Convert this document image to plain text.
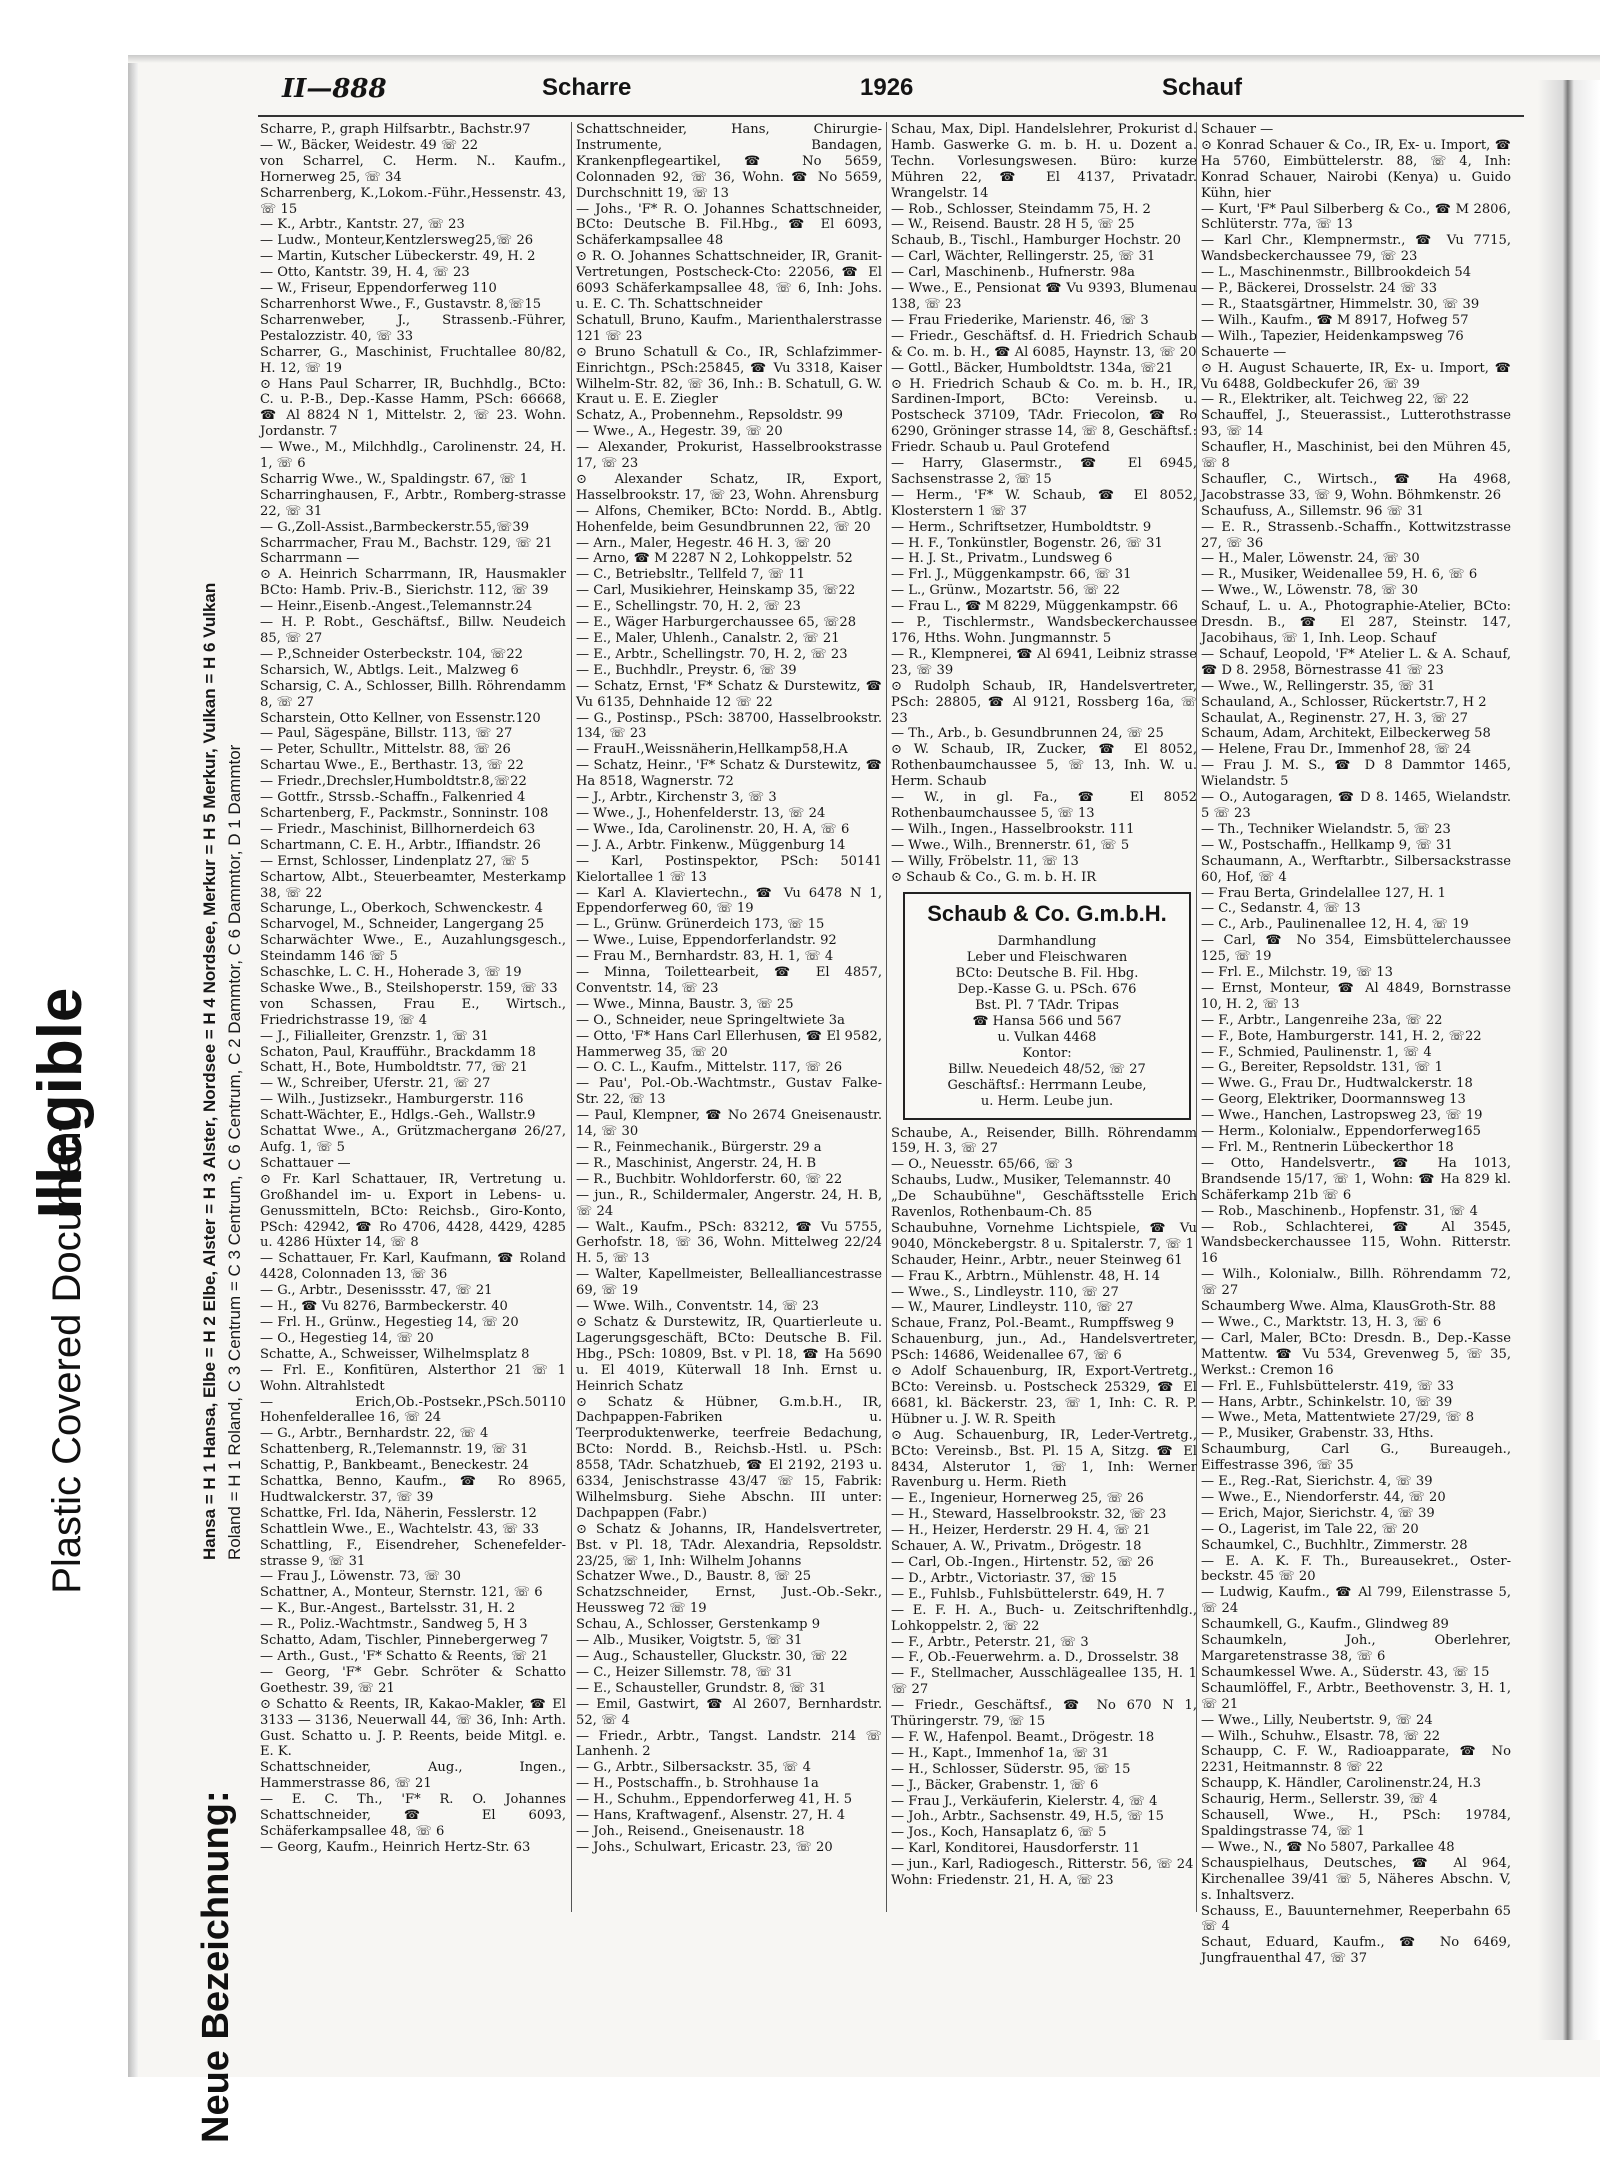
Illegible
Plastic Covered Document
Neue Bezeichnung:
Hansa = H 1 Hansa, Elbe = H 2 Elbe, Alster = H 3 Alster, Nordsee = H 4 Nordsee, Merkur = H 5 Merkur, Vulkan = H 6 Vulkan Roland = H 1 Roland, C 3 Centrum = C 3 Centrum, C 6 Centrum, C 2 Dammtor, C 6 Dammtor, D 1 Dammtor
II—888	Scharre	1926	Schauf

Scharre, P., graph Hilfsarbtr., Bachstr.97

— W., Bäcker, Weidestr. 49 ☏ 22

von Scharrel, C. Herm. N.. Kaufm., Hornerweg 25, ☏ 34

Scharrenberg, K.,Lokom.-Führ.,Hessenstr. 43, ☏ 15

— K., Arbtr., Kantstr. 27, ☏ 23

— Ludw., Monteur,Kentzlersweg25,☏ 26

— Martin, Kutscher Lübeckerstr. 49, H. 2

— Otto, Kantstr. 39, H. 4, ☏ 23

— W., Friseur, Eppendorferweg 110

Scharrenhorst Wwe., F., Gustavstr. 8,☏15

Scharrenweber, J., Strassenb.-Führer, Pestalozzistr. 40, ☏ 33

Scharrer, G., Maschinist, Fruchtallee 80/82, H. 12, ☏ 19

⊙ Hans Paul Scharrer, IR, Buchhdlg., BCto: C. u. P.-B., Dep.-Kasse Hamm, PSch: 66668, ☎ Al 8824 N 1, Mittelstr. 2, ☏ 23. Wohn. Jordanstr. 7

— Wwe., M., Milchhdlg., Carolinenstr. 24, H. 1, ☏ 6

Scharrig Wwe., W., Spaldingstr. 67, ☏ 1

Scharringhausen, F., Arbtr., Romberg-strasse 22, ☏ 31

— G.,Zoll-Assist.,Barmbeckerstr.55,☏39

Scharrmacher, Frau M., Bachstr. 129, ☏ 21

Scharrmann —

⊙ A. Heinrich Scharrmann, IR, Hausmakler BCto: Hamb. Priv.-B., Sierichstr. 112, ☏ 39

— Heinr.,Eisenb.-Angest.,Telemannstr.24

— H. P. Robt., Geschäftsf., Billw. Neudeich 85, ☏ 27

— P.,Schneider Osterbeckstr. 104, ☏22

Scharsich, W., Abtlgs. Leit., Malzweg 6

Scharsig, C. A., Schlosser, Billh. Röhrendamm 8, ☏ 27

Scharstein, Otto Kellner, von Essenstr.120

— Paul, Sägespäne, Billstr. 113, ☏ 27

— Peter, Schulltr., Mittelstr. 88, ☏ 26

Schartau Wwe., E., Berthastr. 13, ☏ 22

— Friedr.,Drechsler,Humboldtstr.8,☏22

— Gottfr., Strssb.-Schaffn., Falkenried 4

Schartenberg, F., Packmstr., Sonninstr. 108

— Friedr., Maschinist, Billhornerdeich 63

Schartmann, C. E. H., Arbtr., Iffiandstr. 26

— Ernst, Schlosser, Lindenplatz 27, ☏ 5

Schartow, Albt., Steuerbeamter, Mesterkamp 38, ☏ 22

Scharunge, L., Oberkoch, Schwenckestr. 4

Scharvogel, M., Schneider, Langergang 25

Scharwächter Wwe., E., Auzahlungsgesch., Steindamm 146 ☏ 5

Schaschke, L. C. H., Hoherade 3, ☏ 19

Schaske Wwe., B., Steilshoperstr. 159, ☏ 33

von Schassen, Frau E., Wirtsch., Friedrichstrasse 19, ☏ 4

— J., Filialleiter, Grenzstr. 1, ☏ 31

Schaton, Paul, Kraufführ., Brackdamm 18

Schatt, H., Bote, Humboldtstr. 77, ☏ 21

— W., Schreiber, Uferstr. 21, ☏ 27

— Wilh., Justizsekr., Hamburgerstr. 116

Schatt-Wächter, E., Hdlgs.-Geh., Wallstr.9

Schattat Wwe., A., Grützmacherganø 26/27, Aufg. 1, ☏ 5

Schattauer —

⊙ Fr. Karl Schattauer, IR, Vertretung u. Großhandel im- u. Export in Lebens- u. Genussmitteln, BCto: Reichsb., Giro-Konto, PSch: 42942, ☎ Ro 4706, 4428, 4429, 4285 u. 4286 Hüxter 14, ☏ 8

— Schattauer, Fr. Karl, Kaufmann, ☎ Roland 4428, Colonnaden 13, ☏ 36

— G., Arbtr., Desenissstr. 47, ☏ 21

— H., ☎ Vu 8276, Barmbeckerstr. 40

— Frl. H., Grünw., Hegestieg 14, ☏ 20

— O., Hegestieg 14, ☏ 20

Schatte, A., Schweisser, Wilhelmsplatz 8

— Frl. E., Konfitüren, Alsterthor 21 ☏ 1 Wohn. Altrahlstedt

— Erich,Ob.-Postsekr.,PSch.50110 Hohenfelderallee 16, ☏ 24

— G., Arbtr., Bernhardstr. 22, ☏ 4

Schattenberg, R.,Telemannstr. 19, ☏ 31

Schattig, P., Bankbeamt., Beneckestr. 24

Schattka, Benno, Kaufm., ☎ Ro 8965, Hudtwalckerstr. 37, ☏ 39

Schattke, Frl. Ida, Näherin, Fesslerstr. 12

Schattlein Wwe., E., Wachtelstr. 43, ☏ 33

Schattling, F., Eisendreher, Schenefelder-strasse 9, ☏ 31

— Frau J., Löwenstr. 73, ☏ 30

Schattner, A., Monteur, Sternstr. 121, ☏ 6

— K., Bur.-Angest., Bartelsstr. 31, H. 2

— R., Poliz.-Wachtmstr., Sandweg 5, H 3

Schatto, Adam, Tischler, Pinnebergerweg 7

— Arth., Gust., 'F* Schatto & Reents, ☏ 21

— Georg, 'F* Gebr. Schröter & Schatto Goethestr. 39, ☏ 21

⊙ Schatto & Reents, IR, Kakao-Makler, ☎ El 3133 — 3136, Neuerwall 44, ☏ 36, Inh: Arth. Gust. Schatto u. J. P. Reents, beide Mitgl. e. E. K.

Schattschneider, Aug., Ingen., Hammerstrasse 86, ☏ 21

— E. C. Th., 'F* R. O. Johannes Schattschneider, ☎ El 6093, Schäferkampsallee 48, ☏ 6

— Georg, Kaufm., Heinrich Hertz-Str. 63

Schattschneider, Hans, Chirurgie-Instrumente, Bandagen, Krankenpflegeartikel, ☎ No 5659, Colonnaden 92, ☏ 36, Wohn. ☎ No 5659, Durchschnitt 19, ☏ 13

— Johs., 'F* R. O. Johannes Schattschneider, BCto: Deutsche B. Fil.Hbg., ☎ El 6093, Schäferkampsallee 48

⊙ R. O. Johannes Schattschneider, IR, Granit-Vertretungen, Postscheck-Cto: 22056, ☎ El 6093 Schäferkampsallee 48, ☏ 6, Inh: Johs. u. E. C. Th. Schattschneider

Schatull, Bruno, Kaufm., Marienthalerstrasse 121 ☏ 23

⊙ Bruno Schatull & Co., IR, Schlafzimmer-Einrichtgn., PSch:25845, ☎ Vu 3318, Kaiser Wilhelm-Str. 82, ☏ 36, Inh.: B. Schatull, G. W. Kraut u. E. E. Ziegler

Schatz, A., Probennehm., Repsoldstr. 99

— Wwe., A., Hegestr. 39, ☏ 20

— Alexander, Prokurist, Hasselbrookstrasse 17, ☏ 23

⊙ Alexander Schatz, IR, Export, Hasselbrookstr. 17, ☏ 23, Wohn. Ahrensburg

— Alfons, Chemiker, BCto: Nordd. B., Abtlg. Hohenfelde, beim Gesundbrunnen 22, ☏ 20

— Arn., Maler, Hegestr. 46 H. 3, ☏ 20

— Arno, ☎ M 2287 N 2, Lohkoppelstr. 52

— C., Betriebsltr., Tellfeld 7, ☏ 11

— Carl, Musikiehrer, Heinskamp 35, ☏22

— E., Schellingstr. 70, H. 2, ☏ 23

— E., Wäger Harburgerchaussee 65, ☏28

— E., Maler, Uhlenh., Canalstr. 2, ☏ 21

— E., Arbtr., Schellingstr. 70, H. 2, ☏ 23

— E., Buchhdlr., Preystr. 6, ☏ 39

— Schatz, Ernst, 'F* Schatz & Durstewitz, ☎ Vu 6135, Dehnhaide 12 ☏ 22

— G., Postinsp., PSch: 38700, Hasselbrookstr. 134, ☏ 23

— FrauH.,Weissnäherin,Hellkamp58,H.A

— Schatz, Heinr., 'F* Schatz & Durstewitz, ☎ Ha 8518, Wagnerstr. 72

— J., Arbtr., Kirchenstr 3, ☏ 3

— Wwe., J., Hohenfelderstr. 13, ☏ 24

— Wwe., Ida, Carolinenstr. 20, H. A, ☏ 6

— J. A., Arbtr. Finkenw., Müggenburg 14

— Karl, Postinspektor, PSch: 50141 Kielortallee 1 ☏ 13

— Karl A. Klaviertechn., ☎ Vu 6478 N 1, Eppendorferweg 60, ☏ 19

— L., Grünw. Grünerdeich 173, ☏ 15

— Wwe., Luise, Eppendorferlandstr. 92

— Frau M., Bernhardstr. 83, H. 1, ☏ 4

— Minna, Toilettearbeit, ☎ El 4857, Conventstr. 14, ☏ 23

— Wwe., Minna, Baustr. 3, ☏ 25

— O., Schneider, neue Springeltwiete 3a

— Otto, 'F* Hans Carl Ellerhusen, ☎ El 9582, Hammerweg 35, ☏ 20

— O. C. L., Kaufm., Mittelstr. 117, ☏ 26

— Pau', Pol.-Ob.-Wachtmstr., Gustav Falke-Str. 22, ☏ 13

— Paul, Klempner, ☎ No 2674 Gneisenaustr. 14, ☏ 30

— R., Feinmechanik., Bürgerstr. 29 a

— R., Maschinist, Angerstr. 24, H. B

— R., Buchbitr. Wohldorferstr. 60, ☏ 22

— jun., R., Schildermaler, Angerstr. 24, H. B, ☏ 24

— Walt., Kaufm., PSch: 83212, ☎ Vu 5755, Gerhofstr. 18, ☏ 36, Wohn. Mittelweg 22/24 H. 5, ☏ 13

— Walter, Kapellmeister, Bellealliancestrasse 69, ☏ 19

— Wwe. Wilh., Conventstr. 14, ☏ 23

⊙ Schatz & Durstewitz, IR, Quartierleute u. Lagerungsgeschäft, BCto: Deutsche B. Fil. Hbg., PSch: 10809, Bst. v Pl. 18, ☎ Ha 5690 u. El 4019, Küterwall 18 Inh. Ernst u. Heinrich Schatz

⊙ Schatz & Hübner, G.m.b.H., IR, Dachpappen-Fabriken u. Teerproduktenwerke, teerfreie Bedachung, BCto: Nordd. B., Reichsb.-Hstl. u. PSch: 8558, TAdr. Schatzhueb, ☎ El 2192, 2193 u. 6334, Jenischstrasse 43/47 ☏ 15, Fabrik: Wilhelmsburg. Siehe Abschn. III unter: Dachpappen (Fabr.)

⊙ Schatz & Johanns, IR, Handelsvertreter, Bst. v Pl. 18, TAdr. Alexandria, Repsoldstr. 23/25, ☏ 1, Inh: Wilhelm Johanns

Schatzer Wwe., D., Baustr. 8, ☏ 25

Schatzschneider, Ernst, Just.-Ob.-Sekr., Heussweg 72 ☏ 19

Schau, A., Schlosser, Gerstenkamp 9

— Alb., Musiker, Voigtstr. 5, ☏ 31

— Aug., Schausteller, Gluckstr. 30, ☏ 22

— C., Heizer Sillemstr. 78, ☏ 31

— E., Schausteller, Grundstr. 8, ☏ 31

— Emil, Gastwirt, ☎ Al 2607, Bernhardstr. 52, ☏ 4

— Friedr., Arbtr., Tangst. Landstr. 214 ☏ Lanhenh. 2

— G., Arbtr., Silbersackstr. 35, ☏ 4

— H., Postschaffn., b. Strohhause 1a

— H., Schuhm., Eppendorferweg 41, H. 5

— Hans, Kraftwagenf., Alsenstr. 27, H. 4

— Joh., Reisend., Gneisenaustr. 18

— Johs., Schulwart, Ericastr. 23, ☏ 20

Schau, Max, Dipl. Handelslehrer, Prokurist d. Hamb. Gaswerke G. m. b. H. u. Dozent a. Techn. Vorlesungswesen. Büro: kurze Mühren 22, ☎ El 4137, Privatadr. Wrangelstr. 14

— Rob., Schlosser, Steindamm 75, H. 2

— W., Reisend. Baustr. 28 H 5, ☏ 25

Schaub, B., Tischl., Hamburger Hochstr. 20

— Carl, Wächter, Rellingerstr. 25, ☏ 31

— Carl, Maschinenb., Hufnerstr. 98a

— Wwe., E., Pensionat ☎ Vu 9393, Blumenau 138, ☏ 23

— Frau Friederike, Marienstr. 46, ☏ 3

— Friedr., Geschäftsf. d. H. Friedrich Schaub & Co. m. b. H., ☎ Al 6085, Haynstr. 13, ☏ 20

— Gottl., Bäcker, Humboldtstr. 134a, ☏21

⊙ H. Friedrich Schaub & Co. m. b. H., IR, Sardinen-Import, BCto: Vereinsb. u. Postscheck 37109, TAdr. Friecolon, ☎ Ro 6290, Gröninger strasse 14, ☏ 8, Geschäftsf.: Friedr. Schaub u. Paul Grotefend

— Harry, Glasermstr., ☎ El 6945, Sachsenstrasse 2, ☏ 15

— Herm., 'F* W. Schaub, ☎ El 8052, Klosterstern 1 ☏ 37

— Herm., Schriftsetzer, Humboldtstr. 9

— H. F., Tonkünstler, Bogenstr. 26, ☏ 31

— H. J. St., Privatm., Lundsweg 6

— Frl. J., Müggenkampstr. 66, ☏ 31

— L., Grünw., Mozartstr. 56, ☏ 22

— Frau L., ☎ M 8229, Müggenkampstr. 66

— P., Tischlermstr., Wandsbeckerchaussee 176, Hths. Wohn. Jungmannstr. 5

— R., Klempnerei, ☎ Al 6941, Leibniz strasse 23, ☏ 39

⊙ Rudolph Schaub, IR, Handelsvertreter, PSch: 28805, ☎ Al 9121, Rossberg 16a, ☏ 23

— Th., Arb., b. Gesundbrunnen 24, ☏ 25

⊙ W. Schaub, IR, Zucker, ☎ El 8052, Rothenbaumchaussee 5, ☏ 13, Inh. W. u. Herm. Schaub

— W., in gl. Fa., ☎ El 8052 Rothenbaumchaussee 5, ☏ 13

— Wilh., Ingen., Hasselbrookstr. 111

— Wwe., Wilh., Brennerstr. 61, ☏ 5

— Willy, Fröbelstr. 11, ☏ 13

⊙ Schaub & Co., G. m. b. H. IR

Schaub & Co. G.m.b.H.
Darmhandlung
Leber und Fleischwaren
BCto: Deutsche B. Fil. Hbg.
Dep.-Kasse G. u. PSch. 676
Bst. Pl. 7 TAdr. Tripas
☎ Hansa 566 und 567
u. Vulkan 4468
Kontor:
Billw. Neuedeich 48/52, ☏ 27
Geschäftsf.: Herrmann Leube,
u. Herm. Leube jun.

Schaube, A., Reisender, Billh. Röhrendamm 159, H. 3, ☏ 27

— O., Neuesstr. 65/66, ☏ 3

Schaubs, Ludw., Musiker, Telemannstr. 40

„De Schaubühne", Geschäftsstelle Erich Ravenlos, Rothenbaum-Ch. 85

Schaubuhne, Vornehme Lichtspiele, ☎ Vu 9040, Mönckebergstr. 8 u. Spitalerstr. 7, ☏ 1

Schauder, Heinr., Arbtr., neuer Steinweg 61

— Frau K., Arbtrn., Mühlenstr. 48, H. 14

— Wwe., S., Lindleystr. 110, ☏ 27

— W., Maurer, Lindleystr. 110, ☏ 27

Schaue, Franz, Pol.-Beamt., Rumpffsweg 9

Schauenburg, jun., Ad., Handelsvertreter, PSch: 14686, Weidenallee 67, ☏ 6

⊙ Adolf Schauenburg, IR, Export-Vertretg., BCto: Vereinsb. u. Postscheck 25329, ☎ El 6681, kl. Bäckerstr. 23, ☏ 1, Inh: C. R. P. Hübner u. J. W. R. Speith

⊙ Aug. Schauenburg, IR, Leder-Vertretg., BCto: Vereinsb., Bst. Pl. 15 A, Sitzg. ☎ El 8434, Alsterutor 1, ☏ 1, Inh: Werner Ravenburg u. Herm. Rieth

— E., Ingenieur, Hornerweg 25, ☏ 26

— H., Steward, Hasselbrookstr. 32, ☏ 23

— H., Heizer, Herderstr. 29 H. 4, ☏ 21

Schauer, A. W., Privatm., Drögestr. 18

— Carl, Ob.-Ingen., Hirtenstr. 52, ☏ 26

— D., Arbtr., Victoriastr. 37, ☏ 15

— E., Fuhlsb., Fuhlsbüttelerstr. 649, H. 7

— E. F. H. A., Buch- u. Zeitschriftenhdlg., Lohkoppelstr. 2, ☏ 22

— F., Arbtr., Peterstr. 21, ☏ 3

— F., Ob.-Feuerwehrm. a. D., Drosselstr. 38

— F., Stellmacher, Ausschlägeallee 135, H. 1 ☏ 27

— Friedr., Geschäftsf., ☎ No 670 N 1, Thüringerstr. 79, ☏ 15

— F. W., Hafenpol. Beamt., Drögestr. 18

— H., Kapt., Immenhof 1a, ☏ 31

— H., Schlosser, Süderstr. 95, ☏ 15

— J., Bäcker, Grabenstr. 1, ☏ 6

— Frau J., Verkäuferin, Kielerstr. 4, ☏ 4

— Joh., Arbtr., Sachsenstr. 49, H.5, ☏ 15

— Jos., Koch, Hansaplatz 6, ☏ 5

— Karl, Konditorei, Hausdorferstr. 11

— jun., Karl, Radiogesch., Ritterstr. 56, ☏ 24

Wohn: Friedenstr. 21, H. A, ☏ 23

Schauer —

⊙ Konrad Schauer & Co., IR, Ex- u. Import, ☎ Ha 5760, Eimbüttelerstr. 88, ☏ 4, Inh: Konrad Schauer, Nairobi (Kenya) u. Guido Kühn, hier

— Kurt, 'F* Paul Silberberg & Co., ☎ M 2806, Schlüterstr. 77a, ☏ 13

— Karl Chr., Klempnermstr., ☎ Vu 7715, Wandsbeckerchaussee 79, ☏ 23

— L., Maschinenmstr., Billbrookdeich 54

— P., Bäckerei, Drosselstr. 24 ☏ 33

— R., Staatsgärtner, Himmelstr. 30, ☏ 39

— Wilh., Kaufm., ☎ M 8917, Hofweg 57

— Wilh., Tapezier, Heidenkampsweg 76

Schauerte —

⊙ H. August Schauerte, IR, Ex- u. Import, ☎ Vu 6488, Goldbeckufer 26, ☏ 39

— R., Elektriker, alt. Teichweg 22, ☏ 22

Schauffel, J., Steuerassist., Lutterothstrasse 93, ☏ 14

Schaufler, H., Maschinist, bei den Mühren 45, ☏ 8

Schaufler, C., Wirtsch., ☎ Ha 4968, Jacobstrasse 33, ☏ 9, Wohn. Böhmkenstr. 26

Schaufuss, A., Sillemstr. 96 ☏ 31

— E. R., Strassenb.-Schaffn., Kottwitzstrasse 27, ☏ 36

— H., Maler, Löwenstr. 24, ☏ 30

— R., Musiker, Weidenallee 59, H. 6, ☏ 6

— Wwe., W., Löwenstr. 78, ☏ 30

Schauf, L. u. A., Photographie-Atelier, BCto: Dresdn. B., ☎ El 287, Steinstr. 147, Jacobihaus, ☏ 1, Inh. Leop. Schauf

— Schauf, Leopold, 'F* Atelier L. & A. Schauf, ☎ D 8. 2958, Börnestrasse 41 ☏ 23

— Wwe., W., Rellingerstr. 35, ☏ 31

Schauland, A., Schlosser, Rückertstr.7, H 2

Schaulat, A., Reginenstr. 27, H. 3, ☏ 27

Schaum, Adam, Architekt, Eilbeckerweg 58

— Helene, Frau Dr., Immenhof 28, ☏ 24

— Frau J. M. S., ☎ D 8 Dammtor 1465, Wielandstr. 5

— O., Autogaragen, ☎ D 8. 1465, Wielandstr. 5 ☏ 23

— Th., Techniker Wielandstr. 5, ☏ 23

— W., Postschaffn., Hellkamp 9, ☏ 31

Schaumann, A., Werftarbtr., Silbersackstrasse 60, Hof, ☏ 4

— Frau Berta, Grindelallee 127, H. 1

— C., Sedanstr. 4, ☏ 13

— C., Arb., Paulinenallee 12, H. 4, ☏ 19

— Carl, ☎ No 354, Eimsbüttelerchaussee 125, ☏ 19

— Frl. E., Milchstr. 19, ☏ 13

— Ernst, Monteur, ☎ Al 4849, Bornstrasse 10, H. 2, ☏ 13

— F., Arbtr., Langenreihe 23a, ☏ 22

— F., Bote, Hamburgerstr. 141, H. 2, ☏22

— F., Schmied, Paulinenstr. 1, ☏ 4

— G., Bereiter, Repsoldstr. 131, ☏ 1

— Wwe. G., Frau Dr., Hudtwalckerstr. 18

— Georg, Elektriker, Doormannsweg 13

— Wwe., Hanchen, Lastropsweg 23, ☏ 19

— Herm., Kolonialw., Eppendorferweg165

— Frl. M., Rentnerin Lübeckerthor 18

— Otto, Handelsvertr., ☎ Ha 1013, Brandsende 15/17, ☏ 1, Wohn: ☎ Ha 829 kl. Schäferkamp 21b ☏ 6

— Rob., Maschinenb., Hopfenstr. 31, ☏ 4

— Rob., Schlachterei, ☎ Al 3545, Wandsbeckerchaussee 115, Wohn. Ritterstr. 16

— Wilh., Kolonialw., Billh. Röhrendamm 72, ☏ 27

Schaumberg Wwe. Alma, KlausGroth-Str. 88

— Wwe., C., Marktstr. 13, H. 3, ☏ 6

— Carl, Maler, BCto: Dresdn. B., Dep.-Kasse Mattentw. ☎ Vu 534, Grevenweg 5, ☏ 35, Werkst.: Cremon 16

— Frl. E., Fuhlsbüttelerstr. 419, ☏ 33

— Hans, Arbtr., Schinkelstr. 10, ☏ 39

— Wwe., Meta, Mattentwiete 27/29, ☏ 8

— P., Musiker, Grabenstr. 33, Hths.

Schaumburg, Carl G., Bureaugeh., Eiffestrasse 396, ☏ 35

— E., Reg.-Rat, Sierichstr. 4, ☏ 39

— Wwe., E., Niendorferstr. 44, ☏ 20

— Erich, Major, Sierichstr. 4, ☏ 39

— O., Lagerist, im Tale 22, ☏ 20

Schaumkel, C., Buchhltr., Zimmerstr. 28

— E. A. K. F. Th., Bureausekret., Oster-beckstr. 45 ☏ 20

— Ludwig, Kaufm., ☎ Al 799, Eilenstrasse 5, ☏ 24

Schaumkell, G., Kaufm., Glindweg 89

Schaumkeln, Joh., Oberlehrer, Margaretenstrasse 38, ☏ 6

Schaumkessel Wwe. A., Süderstr. 43, ☏ 15

Schaumlöffel, F., Arbtr., Beethovenstr. 3, H. 1, ☏ 21

— Wwe., Lilly, Neubertstr. 9, ☏ 24

— Wilh., Schuhw., Elsastr. 78, ☏ 22

Schaupp, C. F. W., Radioapparate, ☎ No 2231, Heitmannstr. 8 ☏ 22

Schaupp, K. Händler, Carolinenstr.24, H.3

Schaurig, Herm., Sellerstr. 39, ☏ 4

Schausell, Wwe., H., PSch: 19784, Spaldingstrasse 74, ☏ 1

— Wwe., N., ☎ No 5807, Parkallee 48

Schauspielhaus, Deutsches, ☎ Al 964, Kirchenallee 39/41 ☏ 5, Näheres Abschn. V, s. Inhaltsverz.

Schauss, E., Bauunternehmer, Reeperbahn 65 ☏ 4

Schaut, Eduard, Kaufm., ☎ No 6469, Jungfrauenthal 47, ☏ 37
